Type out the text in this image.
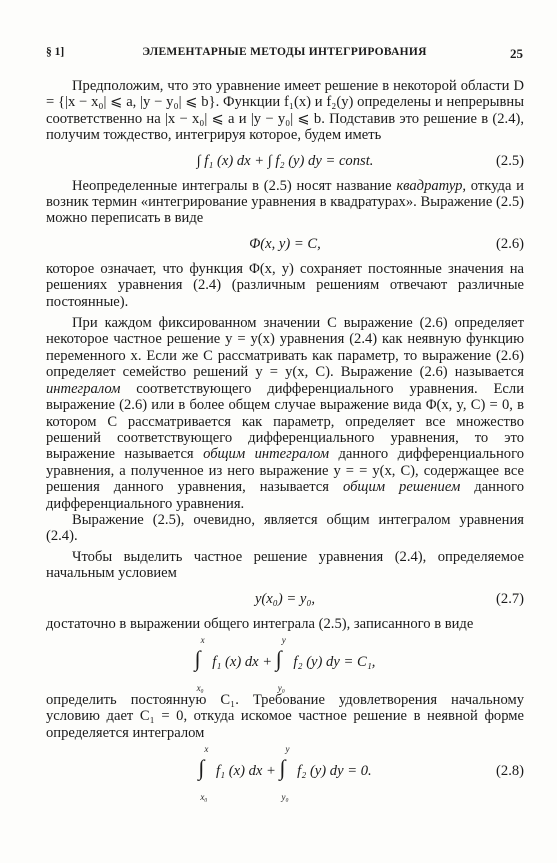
§ 1]	ЭЛЕМЕНТАРНЫЕ МЕТОДЫ ИНТЕГРИРОВАНИЯ	25

Предположим, что это уравнение имеет решение в некоторой области D = {|x − x₀| ⩽ a, |y − y₀| ⩽ b}. Функции f₁(x) и f₂(y) определены и непрерывны соответственно на |x − x₀| ⩽ a и |y − y₀| ⩽ b. Подставив это решение в (2.4), получим тождество, интегрируя которое, будем иметь

∫ f₁ (x) dx + ∫ f₂ (y) dy = const.	(2.5)

Неопределенные интегралы в (2.5) носят название квадратур, откуда и возник термин «интегрирование уравнения в квадратурах». Выражение (2.5) можно переписать в виде

Φ(x, y) = C,	(2.6)

которое означает, что функция Φ(x, y) сохраняет постоянные значения на решениях уравнения (2.4) (различным решениям отвечают различные постоянные).

При каждом фиксированном значении C выражение (2.6) определяет некоторое частное решение y = y(x) уравнения (2.4) как неявную функцию переменного x. Если же C рассматривать как параметр, то выражение (2.6) определяет семейство решений y = y(x, C). Выражение (2.6) называется интегралом соответствующего дифференциального уравнения. Если выражение (2.6) или в более общем случае выражение вида Φ(x, y, C) = 0, в котором C рассматривается как параметр, определяет все множество решений соответствующего дифференциального уравнения, то это выражение называется общим интегралом данного дифференциального уравнения, а полученное из него выражение y = = y(x, C), содержащее все решения данного уравнения, называется общим решением данного дифференциального уравнения.

Выражение (2.5), очевидно, является общим интегралом уравнения (2.4).

Чтобы выделить частное решение уравнения (2.4), определяемое начальным условием

y(x₀) = y₀,	(2.7)

достаточно в выражении общего интеграла (2.5), записанного в виде

∫
x
x₀
f₁ (x) dx + ∫
y
y₀
f₂ (y) dy = C₁,

определить постоянную C₁. Требование удовлетворения начальному условию дает C₁ = 0, откуда искомое частное решение в неявной форме определяется интегралом

∫
x
x₀
f₁ (x) dx + ∫
y
y₀
f₂ (y) dy = 0.	(2.8)
